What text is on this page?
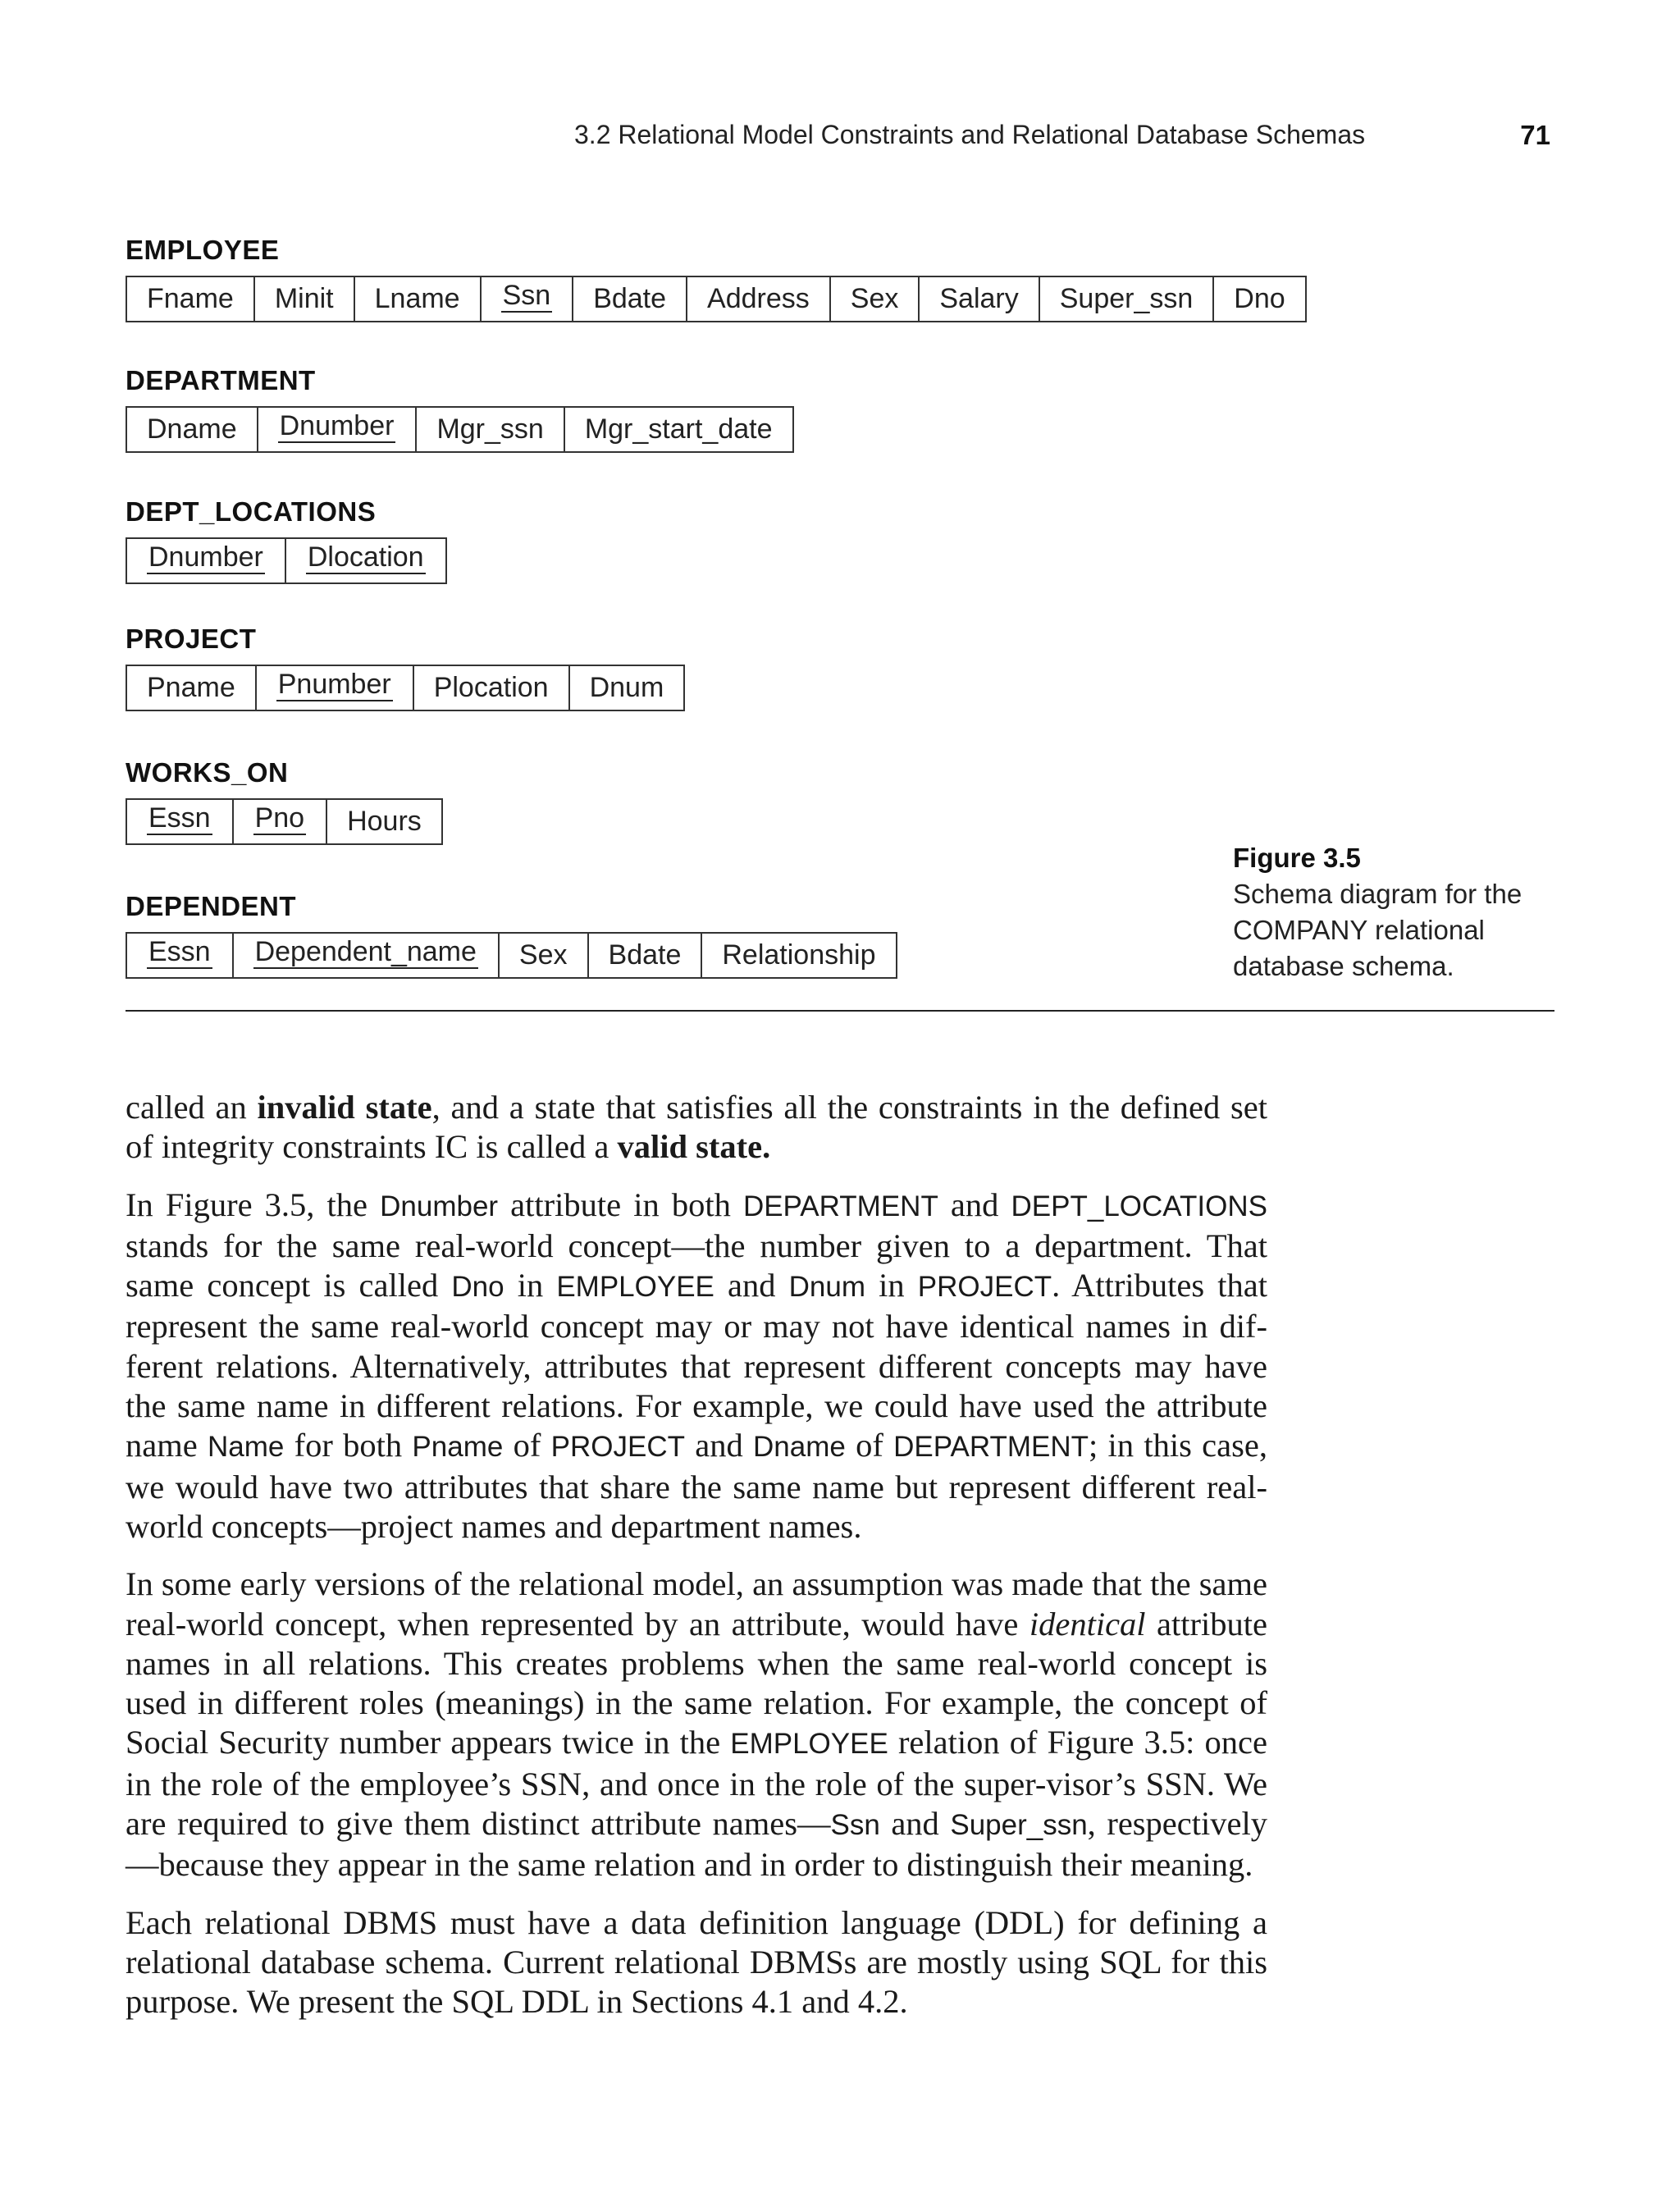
3.2 Relational Model Constraints and Relational Database Schemas	71
EMPLOYEE
Fname	Minit	Lname	Ssn	Bdate	Address	Sex	Salary	Super_ssn	Dno
DEPARTMENT
Dname	Dnumber	Mgr_ssn	Mgr_start_date
DEPT_LOCATIONS
Dnumber Dlocation
PROJECT
Pname	Pnumber	Plocation	Dnum
WORKS_ON
Essn Pno	Hours
DEPENDENT
Essn Dependent_name	Sex	Bdate	Relationship
Figure 3.5
Schema diagram for the
COMPANY relational
database schema.

called an invalid state, and a state that satisfies all the constraints in the defined set of integrity constraints IC is called a valid state.

In Figure 3.5, the Dnumber attribute in both DEPARTMENT and DEPT_LOCATIONS stands for the same real-world concept—the number given to a department. That same concept is called Dno in EMPLOYEE and Dnum in PROJECT. Attributes that represent the same real-world concept may or may not have identical names in dif-ferent relations. Alternatively, attributes that represent different concepts may have the same name in different relations. For example, we could have used the attribute name Name for both Pname of PROJECT and Dname of DEPARTMENT; in this case, we would have two attributes that share the same name but represent different real-world concepts—project names and department names.

In some early versions of the relational model, an assumption was made that the same real-world concept, when represented by an attribute, would have identical attribute names in all relations. This creates problems when the same real-world concept is used in different roles (meanings) in the same relation. For example, the concept of Social Security number appears twice in the EMPLOYEE relation of Figure 3.5: once in the role of the employee’s SSN, and once in the role of the super-visor’s SSN. We are required to give them distinct attribute names—Ssn and Super_ssn, respectively—because they appear in the same relation and in order to distinguish their meaning.

Each relational DBMS must have a data definition language (DDL) for defining a relational database schema. Current relational DBMSs are mostly using SQL for this purpose. We present the SQL DDL in Sections 4.1 and 4.2.
